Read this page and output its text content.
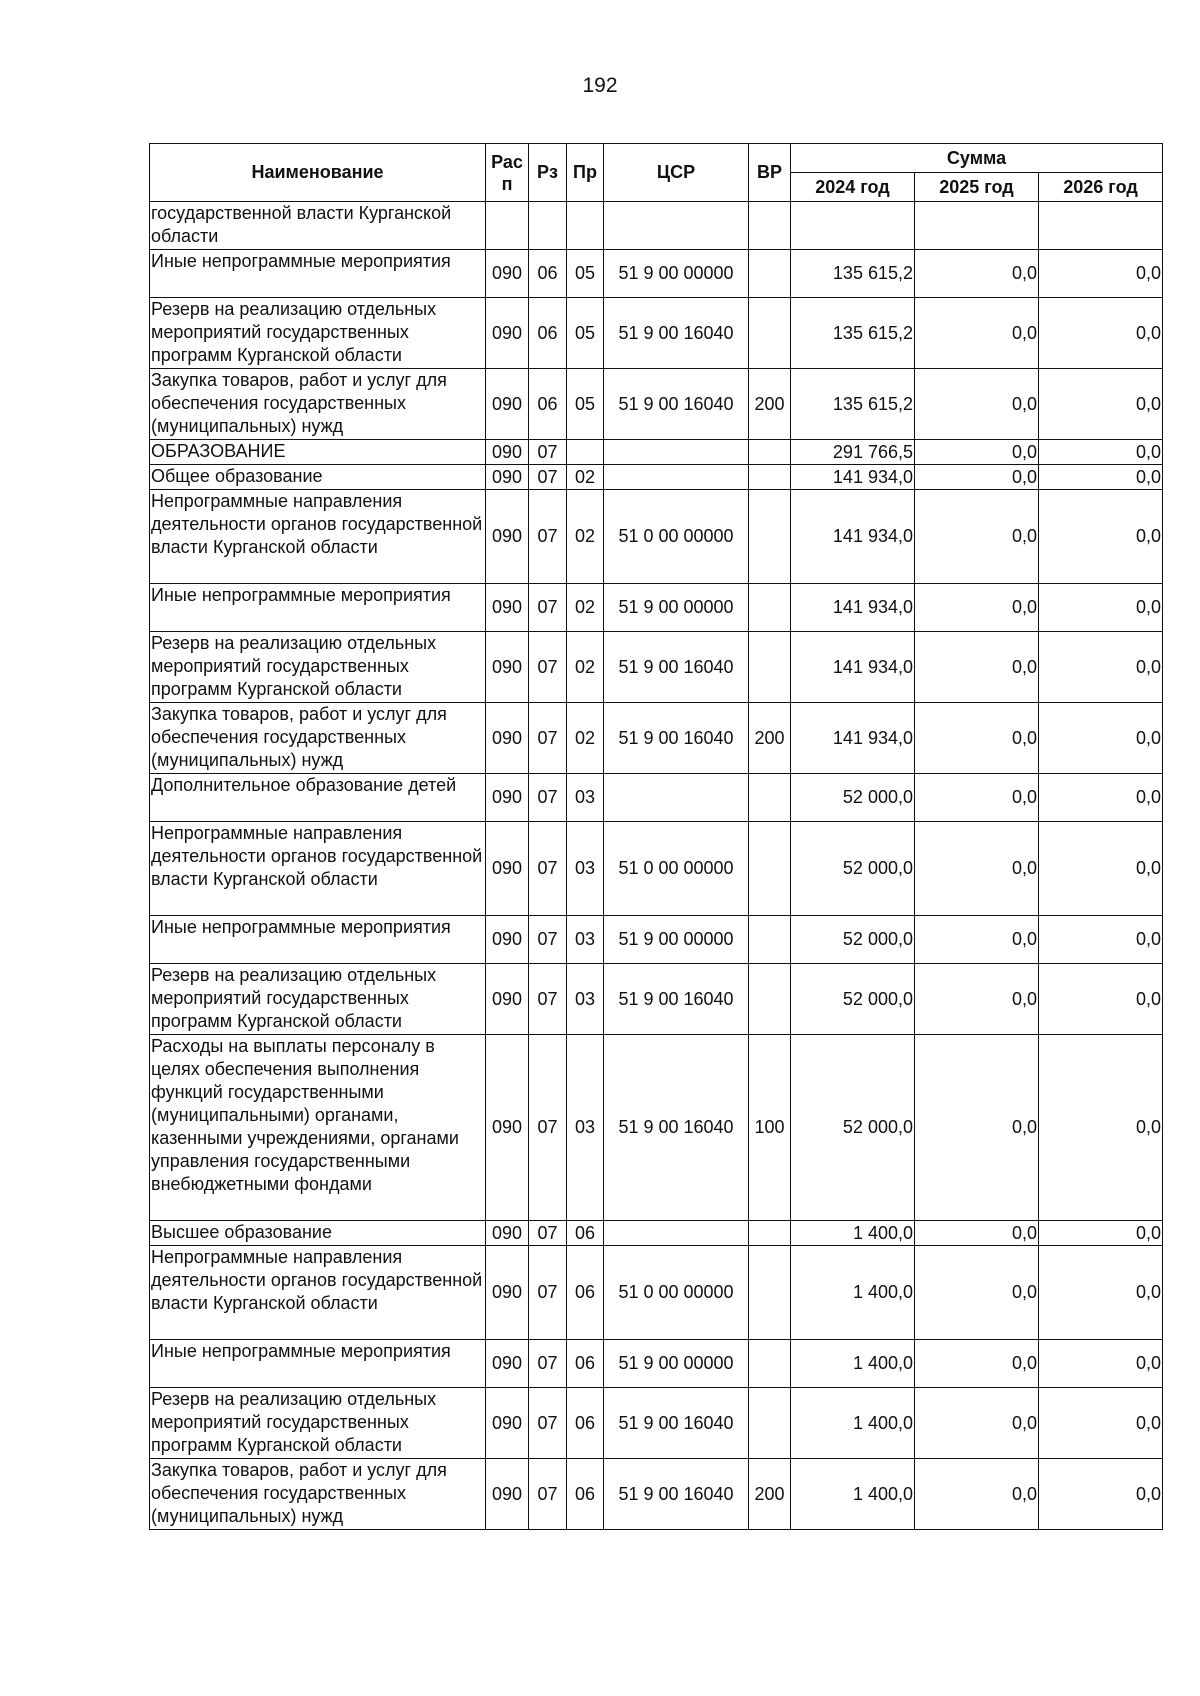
192
Наименование	Рас п	Рз	Пр	ЦСР	ВР	Сумма		
						2024 год	2025 год	2026 год
государственной власти Курганской области								
Иные непрограммные мероприятия	090	06	05	51 9 00 00000		135 615,2	0,0	0,0
Резерв на реализацию отдельных мероприятий государственных программ Курганской области	090	06	05	51 9 00 16040		135 615,2	0,0	0,0
Закупка товаров, работ и услуг для обеспечения государственных (муниципальных) нужд	090	06	05	51 9 00 16040	200	135 615,2	0,0	0,0
ОБРАЗОВАНИЕ	090	07				291 766,5	0,0	0,0
Общее образование	090	07	02			141 934,0	0,0	0,0
Непрограммные направления деятельности органов государственной власти Курганской области	090	07	02	51 0 00 00000		141 934,0	0,0	0,0
Иные непрограммные мероприятия	090	07	02	51 9 00 00000		141 934,0	0,0	0,0
Резерв на реализацию отдельных мероприятий государственных программ Курганской области	090	07	02	51 9 00 16040		141 934,0	0,0	0,0
Закупка товаров, работ и услуг для обеспечения государственных (муниципальных) нужд	090	07	02	51 9 00 16040	200	141 934,0	0,0	0,0
Дополнительное образование детей	090	07	03			52 000,0	0,0	0,0
Непрограммные направления деятельности органов государственной власти Курганской области	090	07	03	51 0 00 00000		52 000,0	0,0	0,0
Иные непрограммные мероприятия	090	07	03	51 9 00 00000		52 000,0	0,0	0,0
Резерв на реализацию отдельных мероприятий государственных программ Курганской области	090	07	03	51 9 00 16040		52 000,0	0,0	0,0
Расходы на выплаты персоналу в целях обеспечения выполнения функций государственными (муниципальными) органами, казенными учреждениями, органами управления государственными внебюджетными фондами	090	07	03	51 9 00 16040	100	52 000,0	0,0	0,0
Высшее образование	090	07	06			1 400,0	0,0	0,0
Непрограммные направления деятельности органов государственной власти Курганской области	090	07	06	51 0 00 00000		1 400,0	0,0	0,0
Иные непрограммные мероприятия	090	07	06	51 9 00 00000		1 400,0	0,0	0,0
Резерв на реализацию отдельных мероприятий государственных программ Курганской области	090	07	06	51 9 00 16040		1 400,0	0,0	0,0
Закупка товаров, работ и услуг для обеспечения государственных (муниципальных) нужд	090	07	06	51 9 00 16040	200	1 400,0	0,0	0,0
